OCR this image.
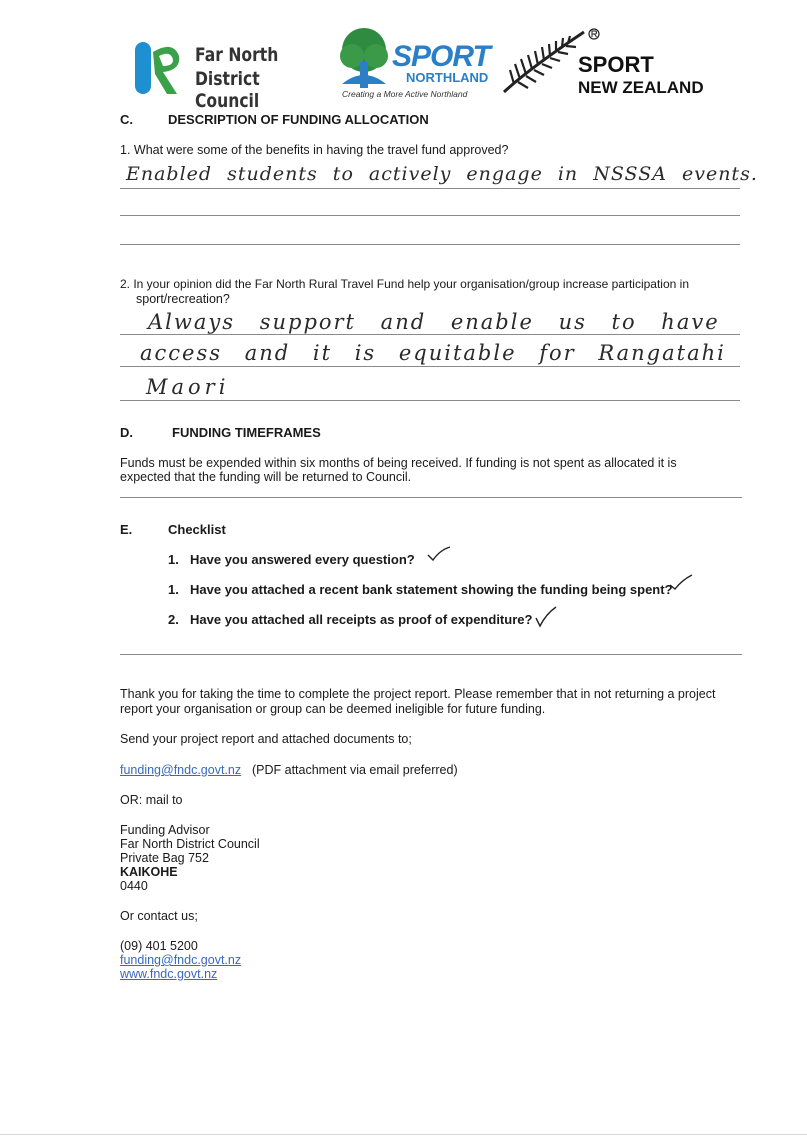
Far North
District Council
SPORT
NORTHLAND
Creating a More Active Northland
SPORT
NEW ZEALAND
C.	DESCRIPTION OF FUNDING ALLOCATION
1. What were some of the benefits in having the travel fund approved?
Enabled students to actively engage in NSSSA events.
2. In your opinion did the Far North Rural Travel Fund help your organisation/group increase participation in
sport/recreation?
Always support and enable us to have
access and it is equitable for Rangatahi
Maori
D.	FUNDING TIMEFRAMES
Funds must be expended within six months of being received. If funding is not spent as allocated it is
expected that the funding will be returned to Council.
E.	Checklist
1. Have you answered every question?
1. Have you attached a recent bank statement showing the funding being spent?
2. Have you attached all receipts as proof of expenditure?
Thank you for taking the time to complete the project report. Please remember that in not returning a project
report your organisation or group can be deemed ineligible for future funding.
Send your project report and attached documents to;
funding@fndc.govt.nz (PDF attachment via email preferred)
OR: mail to
Funding Advisor
Far North District Council
Private Bag 752
KAIKOHE
0440
Or contact us;
(09) 401 5200
funding@fndc.govt.nz
www.fndc.govt.nz
